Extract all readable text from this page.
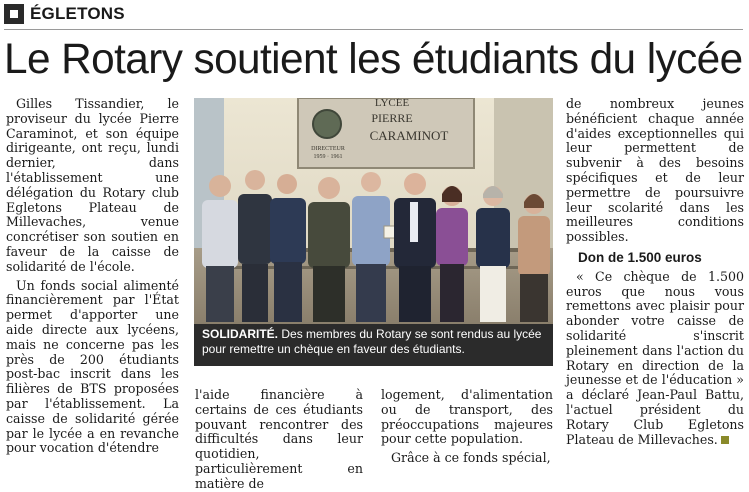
ÉGLETONS
Le Rotary soutient les étudiants du lycée

Gilles Tissandier, le proviseur du lycée Pierre Caraminot, et son équipe dirigeante, ont reçu, lundi dernier, dans l'établissement une délégation du Rotary club Egletons Plateau de Millevaches, venue concrétiser son soutien en faveur de la caisse de solidarité de l'école.

Un fonds social alimenté financièrement par l'État permet d'apporter une aide directe aux lycéens, mais ne concerne pas les près de 200 étudiants post-bac inscrit dans les filières de BTS proposées par l'établissement. La caisse de solidarité gérée par le lycée a en revanche pour vocation d'étendre

LYCÉE
PIERRE
CARAMINOT
DIRECTEUR
1959 · 1961
SOLIDARITÉ. Des membres du Rotary se sont rendus au lycée pour remettre un chèque en faveur des étudiants.

l'aide financière à certains de ces étudiants pouvant rencontrer des difficultés dans leur quotidien, particulièrement en matière de

logement, d'alimentation ou de transport, des préoccupations majeures pour cette population.

Grâce à ce fonds spécial,

de nombreux jeunes bénéficient chaque année d'aides exceptionnelles qui leur permettent de subvenir à des besoins spécifiques et de leur permettre de poursuivre leur scolarité dans les meilleures conditions possibles.

Don de 1.500 euros

« Ce chèque de 1.500 euros que nous vous remettons avec plaisir pour abonder votre caisse de solidarité s'inscrit pleinement dans l'action du Rotary en direction de la jeunesse et de l'éducation » a déclaré Jean-Paul Battu, l'actuel président du Rotary Club Egletons Plateau de Millevaches.
